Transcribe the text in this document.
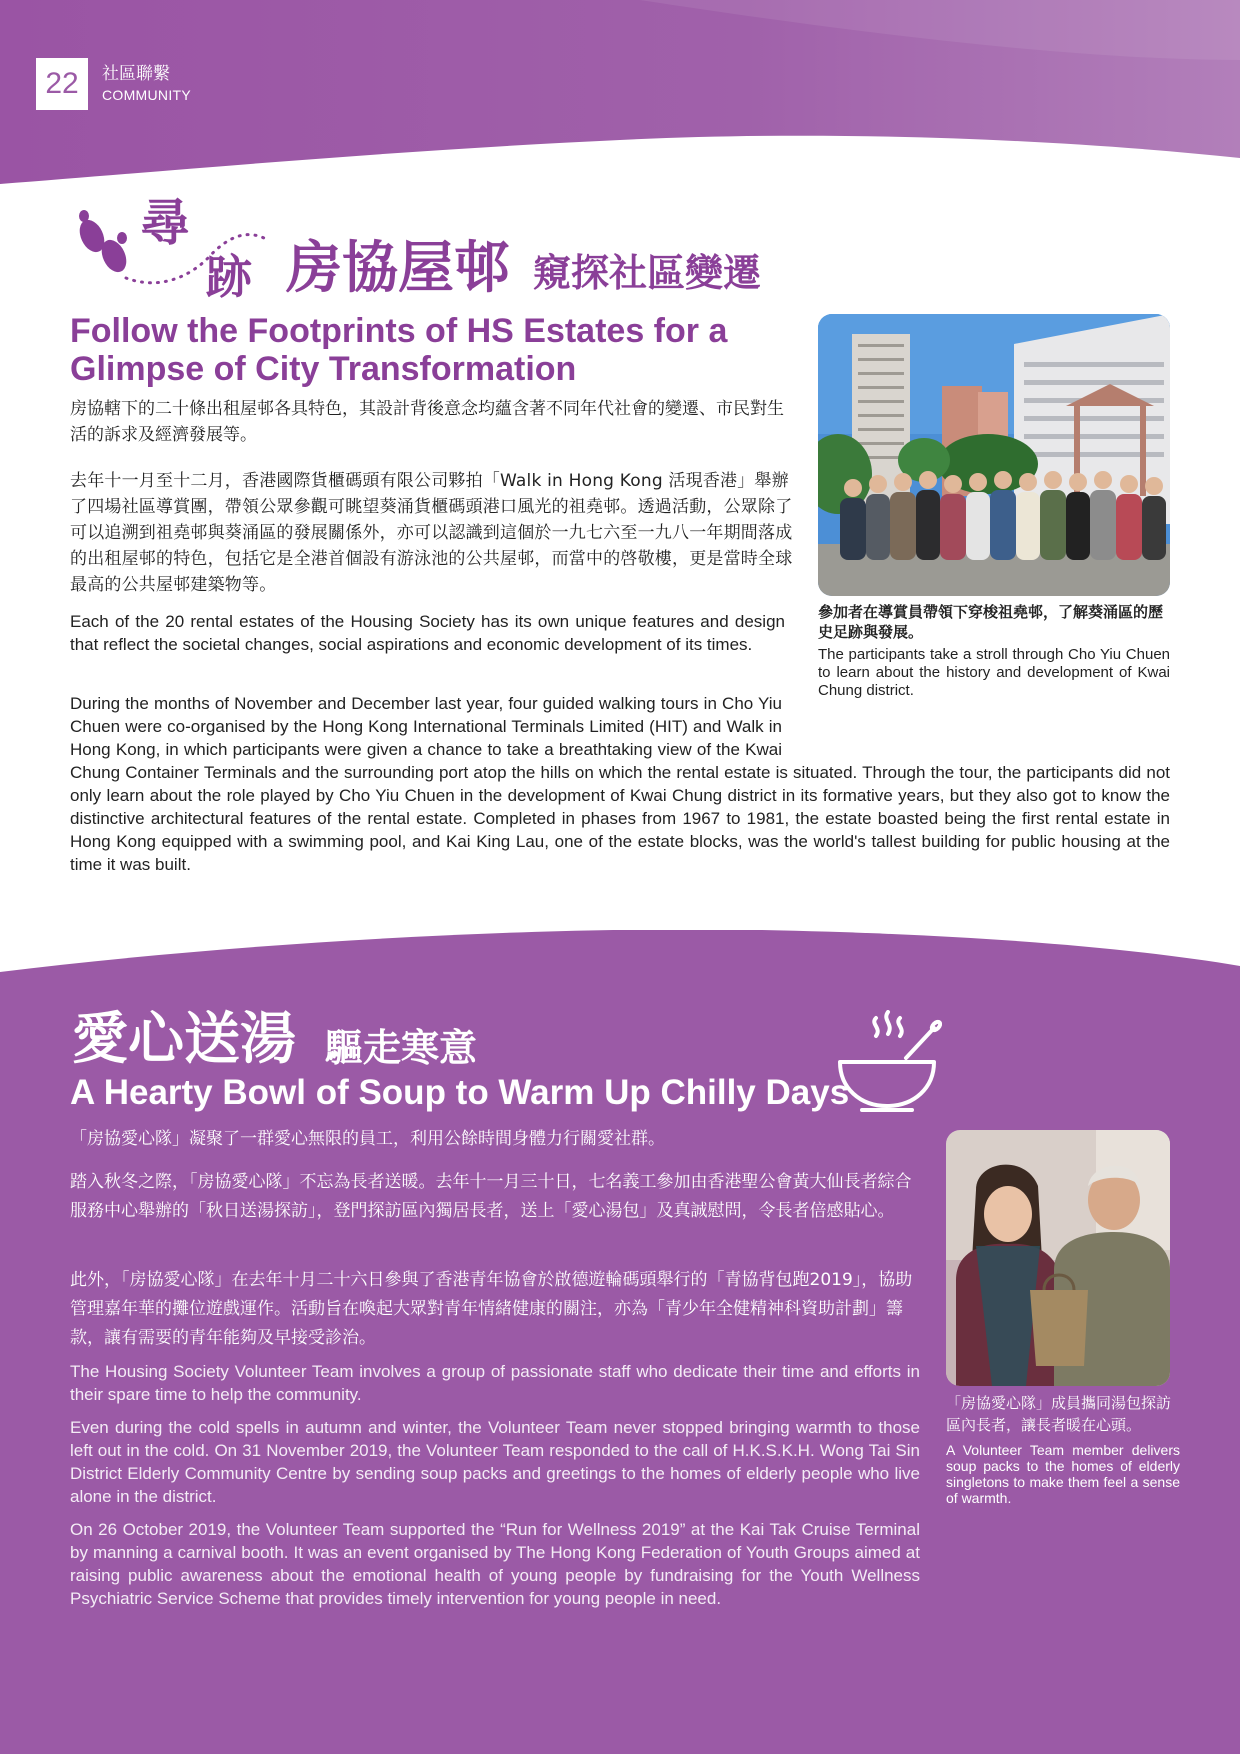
22	社區聯繫
COMMUNITY
尋
跡 房協屋邨 窺探社區變遷
Follow the Footprints of HS Estates for a Glimpse of City Transformation
房協轄下的二十條出租屋邨各具特色，其設計背後意念均蘊含著不同年代社會的變遷、市民對生活的訴求及經濟發展等。
去年十一月至十二月，香港國際貨櫃碼頭有限公司夥拍「Walk in Hong Kong 活現香港」舉辦了四場社區導賞團，帶領公眾參觀可眺望葵涌貨櫃碼頭港口風光的祖堯邨。透過活動，公眾除了可以追溯到祖堯邨與葵涌區的發展關係外，亦可以認識到這個於一九七六至一九八一年期間落成的出租屋邨的特色，包括它是全港首個設有游泳池的公共屋邨，而當中的啓敬樓，更是當時全球最高的公共屋邨建築物等。
Each of the 20 rental estates of the Housing Society has its own unique features and design that reflect the societal changes, social aspirations and economic development of its times.
During the months of November and December last year, four guided walking tours in Cho Yiu Chuen were co-organised by the Hong Kong International Terminals Limited (HIT) and Walk in Hong Kong, in which participants were given a chance to take a breathtaking view of the Kwai Chung Container Terminals and the surrounding port atop the hills on which the rental estate is situated. Through the tour, the participants did not only learn about the role played by Cho Yiu Chuen in the development of Kwai Chung district in its formative years, but they also got to know the distinctive architectural features of the rental estate. Completed in phases from 1967 to 1981, the estate boasted being the first rental estate in Hong Kong equipped with a swimming pool, and Kai King Lau, one of the estate blocks, was the world's tallest building for public housing at the time it was built.
參加者在導賞員帶領下穿梭祖堯邨，了解葵涌區的歷史足跡與發展。
The participants take a stroll through Cho Yiu Chuen to learn about the history and development of Kwai Chung district.
愛心送湯 驅走寒意
A Hearty Bowl of Soup to Warm Up Chilly Days
「房協愛心隊」凝聚了一群愛心無限的員工，利用公餘時間身體力行關愛社群。
踏入秋冬之際，「房協愛心隊」不忘為長者送暖。去年十一月三十日，七名義工參加由香港聖公會黃大仙長者綜合服務中心舉辦的「秋日送湯探訪」，登門探訪區內獨居長者，送上「愛心湯包」及真誠慰問，令長者倍感貼心。
此外，「房協愛心隊」在去年十月二十六日參與了香港青年協會於啟德遊輪碼頭舉行的「青協背包跑2019」，協助管理嘉年華的攤位遊戲運作。活動旨在喚起大眾對青年情緒健康的關注，亦為「青少年全健精神科資助計劃」籌款，讓有需要的青年能夠及早接受診治。
The Housing Society Volunteer Team involves a group of passionate staff who dedicate their time and efforts in their spare time to help the community.
Even during the cold spells in autumn and winter, the Volunteer Team never stopped bringing warmth to those left out in the cold. On 31 November 2019, the Volunteer Team responded to the call of H.K.S.K.H. Wong Tai Sin District Elderly Community Centre by sending soup packs and greetings to the homes of elderly people who live alone in the district.
On 26 October 2019, the Volunteer Team supported the “Run for Wellness 2019” at the Kai Tak Cruise Terminal by manning a carnival booth. It was an event organised by The Hong Kong Federation of Youth Groups aimed at raising public awareness about the emotional health of young people by fundraising for the Youth Wellness Psychiatric Service Scheme that provides timely intervention for young people in need.
「房協愛心隊」成員攜同湯包探訪區內長者，讓長者暖在心頭。
A Volunteer Team member delivers soup packs to the homes of elderly singletons to make them feel a sense of warmth.
